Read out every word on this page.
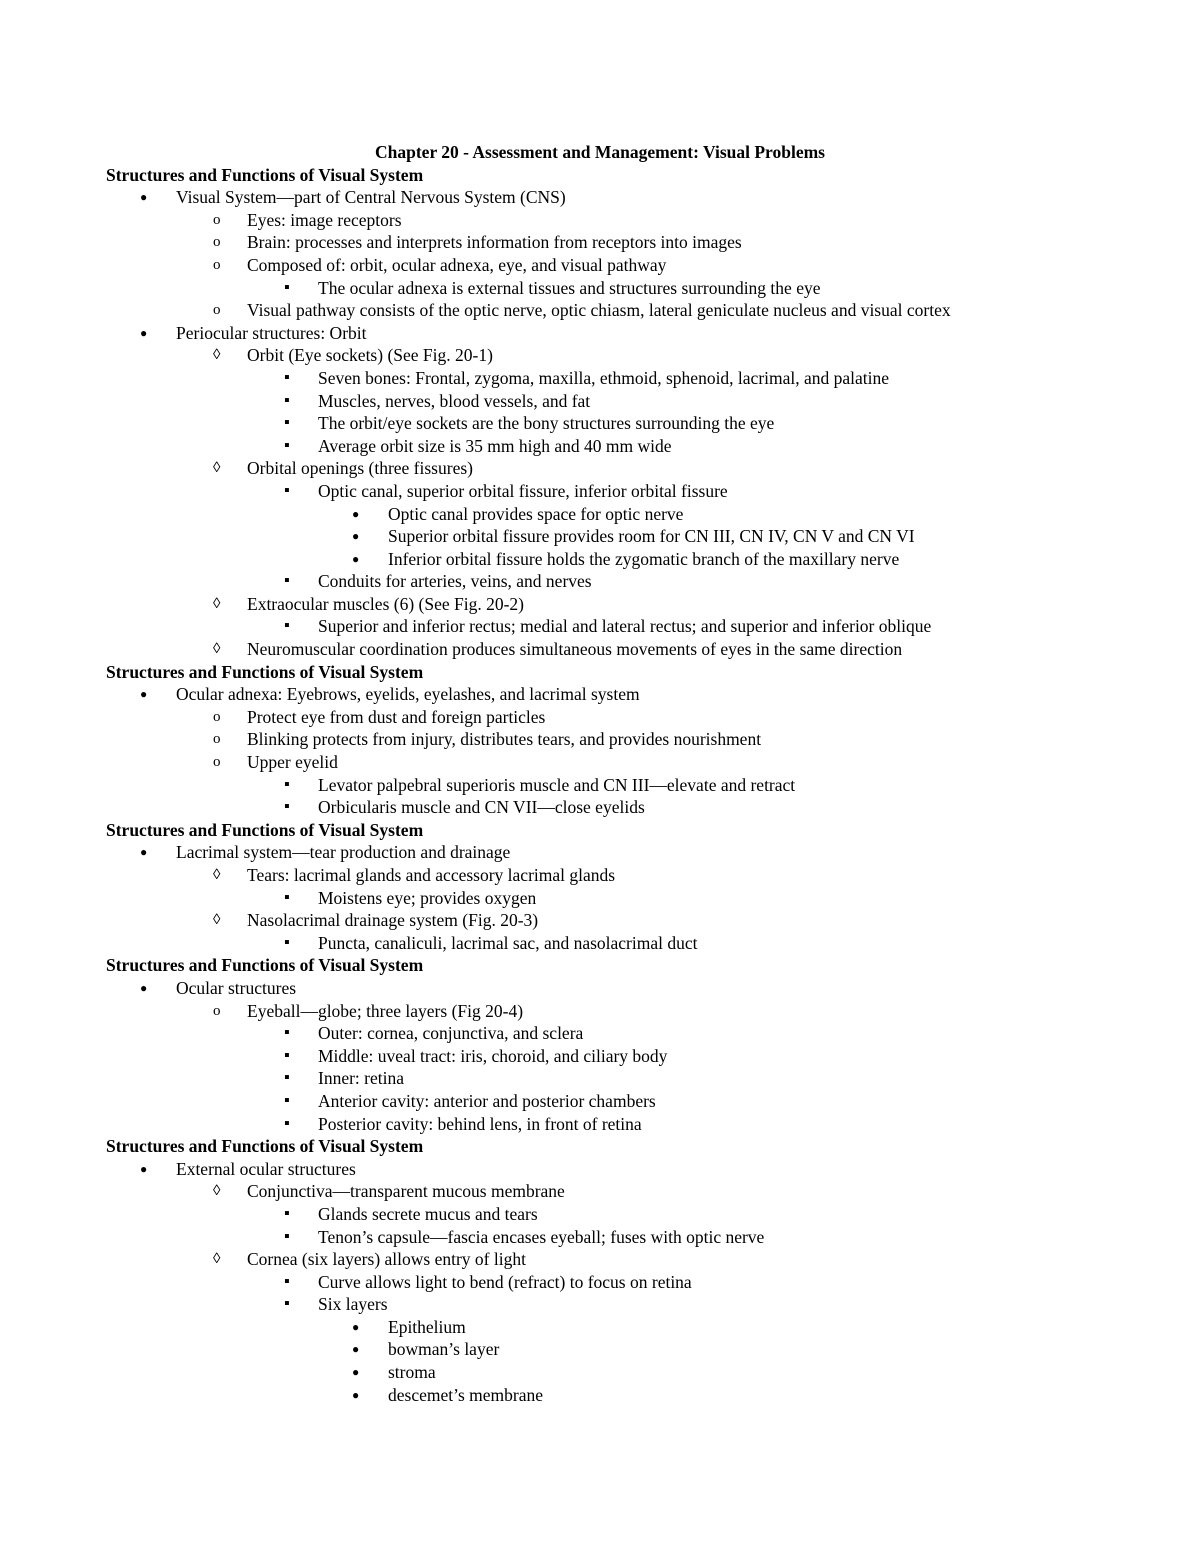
Chapter 20 - Assessment and Management: Visual Problems
Structures and Functions of Visual System
●
Visual System—part of Central Nervous System (CNS)
o
Eyes: image receptors
o
Brain: processes and interprets information from receptors into images
o
Composed of: orbit, ocular adnexa, eye, and visual pathway
▪
The ocular adnexa is external tissues and structures surrounding the eye
o
Visual pathway consists of the optic nerve, optic chiasm, lateral geniculate nucleus and visual cortex
●
Periocular structures: Orbit
◊
Orbit (Eye sockets) (See Fig. 20-1)
▪
Seven bones: Frontal, zygoma, maxilla, ethmoid, sphenoid, lacrimal, and palatine
▪
Muscles, nerves, blood vessels, and fat
▪
The orbit/eye sockets are the bony structures surrounding the eye
▪
Average orbit size is 35 mm high and 40 mm wide
◊
Orbital openings (three fissures)
▪
Optic canal, superior orbital fissure, inferior orbital fissure
●
Optic canal provides space for optic nerve
●
Superior orbital fissure provides room for CN III, CN IV, CN V and CN VI
●
Inferior orbital fissure holds the zygomatic branch of the maxillary nerve
▪
Conduits for arteries, veins, and nerves
◊
Extraocular muscles (6) (See Fig. 20-2)
▪
Superior and inferior rectus; medial and lateral rectus; and superior and inferior oblique
◊
Neuromuscular coordination produces simultaneous movements of eyes in the same direction
Structures and Functions of Visual System
●
Ocular adnexa: Eyebrows, eyelids, eyelashes, and lacrimal system
o
Protect eye from dust and foreign particles
o
Blinking protects from injury, distributes tears, and provides nourishment
o
Upper eyelid
▪
Levator palpebral superioris muscle and CN III—elevate and retract
▪
Orbicularis muscle and CN VII—close eyelids
Structures and Functions of Visual System
●
Lacrimal system—tear production and drainage
◊
Tears: lacrimal glands and accessory lacrimal glands
▪
Moistens eye; provides oxygen
◊
Nasolacrimal drainage system (Fig. 20-3)
▪
Puncta, canaliculi, lacrimal sac, and nasolacrimal duct
Structures and Functions of Visual System
●
Ocular structures
o
Eyeball—globe; three layers (Fig 20-4)
▪
Outer: cornea, conjunctiva, and sclera
▪
Middle: uveal tract: iris, choroid, and ciliary body
▪
Inner: retina
▪
Anterior cavity: anterior and posterior chambers
▪
Posterior cavity: behind lens, in front of retina
Structures and Functions of Visual System
●
External ocular structures
◊
Conjunctiva—transparent mucous membrane
▪
Glands secrete mucus and tears
▪
Tenon’s capsule—fascia encases eyeball; fuses with optic nerve
◊
Cornea (six layers) allows entry of light
▪
Curve allows light to bend (refract) to focus on retina
▪
Six layers
●
Epithelium
●
bowman’s layer
●
stroma
●
descemet’s membrane
